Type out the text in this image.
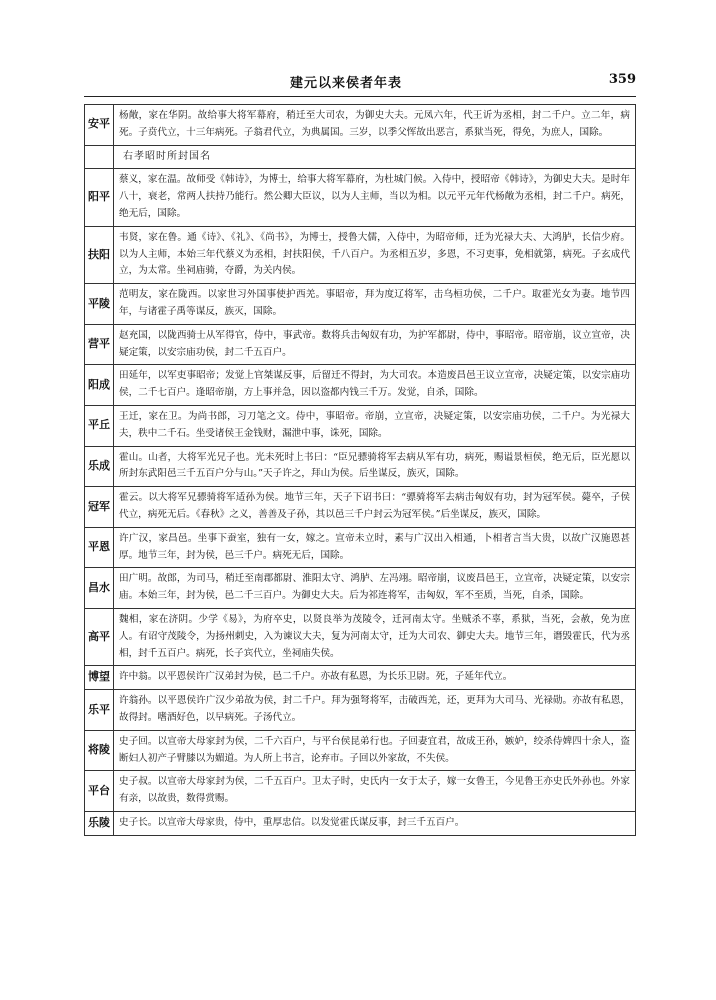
建元以来侯者年表	359
安平	杨敞，家在华阴。故给事大将军幕府，稍迁至大司农，为御史大夫。元凤六年，代王䜣为丞相，封二千户。立二年，病死。子贲代立，十三年病死。子翁君代立，为典属国。三岁，以季父恽故出恶言，系狱当死，得免，为庶人，国除。
	右孝昭时所封国名
阳平	蔡义，家在温。故师受《韩诗》，为博士，给事大将军幕府，为杜城门候。入侍中，授昭帝《韩诗》，为御史大夫。是时年八十，衰老，常两人扶持乃能行。然公卿大臣议，以为人主师，当以为相。以元平元年代杨敞为丞相，封二千户。病死，绝无后，国除。
扶阳	韦贤，家在鲁。通《诗》、《礼》、《尚书》，为博士，授鲁大儒，入侍中，为昭帝师，迁为光禄大夫、大鸿胪，长信少府。以为人主师，本始三年代蔡义为丞相，封扶阳侯，千八百户。为丞相五岁，多恩，不习吏事，免相就第，病死。子玄成代立，为太常。坐祠庙骑，夺爵，为关内侯。
平陵	范明友，家在陇西。以家世习外国事使护西羌。事昭帝，拜为度辽将军，击乌桓功侯，二千户。取霍光女为妻。地节四年，与诸霍子禹等谋反，族灭，国除。
营平	赵充国，以陇西骑士从军得官，侍中，事武帝。数将兵击匈奴有功，为护军都尉，侍中，事昭帝。昭帝崩，议立宣帝，决疑定策，以安宗庙功侯，封二千五百户。
阳成	田延年，以军吏事昭帝；发觉上官桀谋反事，后留迁不得封，为大司农。本造废昌邑王议立宣帝，决疑定策，以安宗庙功侯，二千七百户。逢昭帝崩，方上事并急，因以盗都内钱三千万。发觉，自杀，国除。
平丘	王迁，家在卫。为尚书郎，习刀笔之文。侍中，事昭帝。帝崩，立宣帝，决疑定策，以安宗庙功侯，二千户。为光禄大夫，秩中二千石。坐受诸侯王金钱财，漏泄中事，诛死，国除。
乐成	霍山。山者，大将军光兄子也。光未死时上书曰：“臣兄骠骑将军去病从军有功，病死，赐谥景桓侯，绝无后，臣光愿以所封东武阳邑三千五百户分与山。”天子许之，拜山为侯。后坐谋反，族灭，国除。
冠军	霍云。以大将军兄骠骑将军适孙为侯。地节三年，天子下诏书曰：“骠骑将军去病击匈奴有功，封为冠军侯。薨卒，子侯代立，病死无后。《春秋》之义，善善及子孙，其以邑三千户封云为冠军侯。”后坐谋反，族灭，国除。
平恩	许广汉，家昌邑。坐事下蚕室，独有一女，嫁之。宣帝未立时，素与广汉出入相通，卜相者言当大贵，以故广汉施恩甚厚。地节三年，封为侯，邑三千户。病死无后，国除。
昌水	田广明。故郎，为司马，稍迁至南郡都尉、淮阳太守、鸿胪、左冯翊。昭帝崩，议废昌邑王，立宣帝，决疑定策，以安宗庙。本始三年，封为侯，邑二千三百户。为御史大夫。后为祁连将军，击匈奴，军不至质，当死，自杀，国除。
高平	魏相，家在济阴。少学《易》，为府卒史，以贤良举为茂陵令，迁河南太守。坐贼杀不辜，系狱，当死，会赦，免为庶人。有诏守茂陵令，为扬州刺史，入为谏议大夫，复为河南太守，迁为大司农、御史大夫。地节三年，谮毁霍氏，代为丞相，封千五百户。病死，长子宾代立，坐祠庙失侯。
博望	许中翁。以平恩侯许广汉弟封为侯，邑二千户。亦故有私恩，为长乐卫尉。死，子延年代立。
乐平	许翁孙。以平恩侯许广汉少弟故为侯，封二千户。拜为强弩将军，击破西羌，还，更拜为大司马、光禄勋。亦故有私恩，故得封。嗜酒好色，以早病死。子汤代立。
将陵	史子回。以宣帝大母家封为侯，二千六百户，与平台侯昆弟行也。子回妻宜君，故成王孙，嫉妒，绞杀侍婢四十余人，盗断妇人初产子臂膝以为媚道。为人所上书言，论弃市。子回以外家故，不失侯。
平台	史子叔。以宣帝大母家封为侯，二千五百户。卫太子时，史氏内一女于太子，嫁一女鲁王，今见鲁王亦史氏外孙也。外家有亲，以故贵，数得赏赐。
乐陵	史子长。以宣帝大母家贵，侍中，重厚忠信。以发觉霍氏谋反事，封三千五百户。
